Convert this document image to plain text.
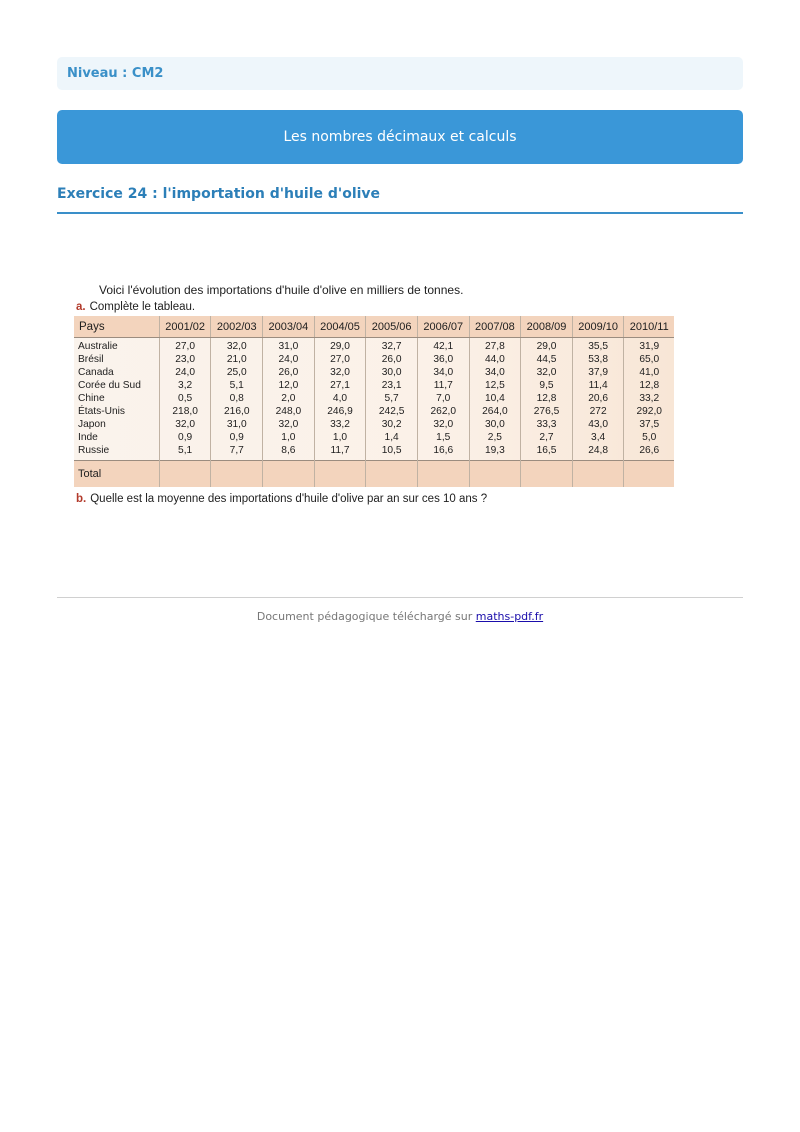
Niveau : CM2
Les nombres décimaux et calculs
Exercice 24 : l'importation d'huile d'olive
Voici l'évolution des importations d'huile d'olive en milliers de tonnes.
a. Complète le tableau.
Pays	2001/02	2002/03	2003/04	2004/05	2005/06	2006/07	2007/08	2008/09	2009/10	2010/11
Australie	27,0	32,0	31,0	29,0	32,7	42,1	27,8	29,0	35,5	31,9
Brésil	23,0	21,0	24,0	27,0	26,0	36,0	44,0	44,5	53,8	65,0
Canada	24,0	25,0	26,0	32,0	30,0	34,0	34,0	32,0	37,9	41,0
Corée du Sud	3,2	5,1	12,0	27,1	23,1	11,7	12,5	9,5	11,4	12,8
Chine	0,5	0,8	2,0	4,0	5,7	7,0	10,4	12,8	20,6	33,2
États-Unis	218,0	216,0	248,0	246,9	242,5	262,0	264,0	276,5	272	292,0
Japon	32,0	31,0	32,0	33,2	30,2	32,0	30,0	33,3	43,0	37,5
Inde	0,9	0,9	1,0	1,0	1,4	1,5	2,5	2,7	3,4	5,0
Russie	5,1	7,7	8,6	11,7	10,5	16,6	19,3	16,5	24,8	26,6
Total										
b. Quelle est la moyenne des importations d'huile d'olive par an sur ces 10 ans ?
Document pédagogique téléchargé sur maths-pdf.fr
